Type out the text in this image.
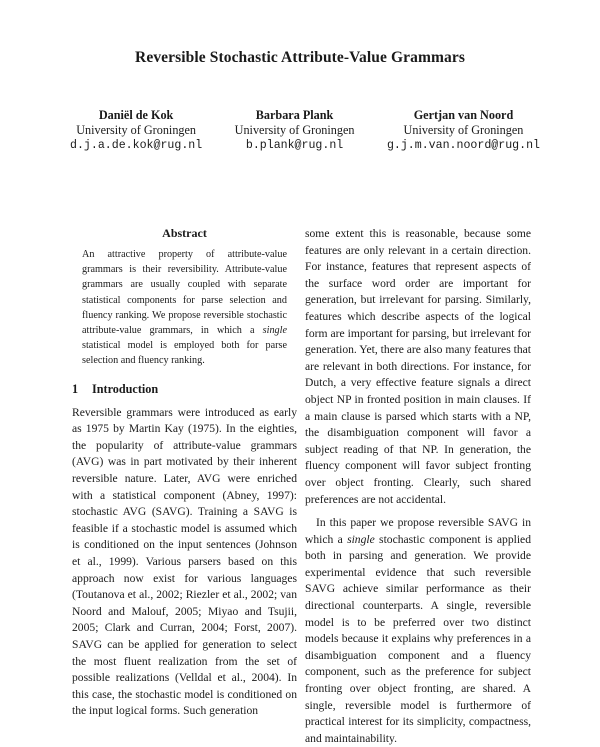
Reversible Stochastic Attribute-Value Grammars
Daniël de Kok
University of Groningen
d.j.a.de.kok@rug.nl
Barbara Plank
University of Groningen
b.plank@rug.nl
Gertjan van Noord
University of Groningen
g.j.m.van.noord@rug.nl
Abstract

An attractive property of attribute-value grammars is their reversibility. Attribute-value grammars are usually coupled with separate statistical components for parse selection and fluency ranking. We propose reversible stochastic attribute-value grammars, in which a single statistical model is employed both for parse selection and fluency ranking.

1 Introduction

Reversible grammars were introduced as early as 1975 by Martin Kay (1975). In the eighties, the popularity of attribute-value grammars (AVG) was in part motivated by their inherent reversible nature. Later, AVG were enriched with a statistical component (Abney, 1997): stochastic AVG (SAVG). Training a SAVG is feasible if a stochastic model is assumed which is conditioned on the input sentences (Johnson et al., 1999). Various parsers based on this approach now exist for various languages (Toutanova et al., 2002; Riezler et al., 2002; van Noord and Malouf, 2005; Miyao and Tsujii, 2005; Clark and Curran, 2004; Forst, 2007). SAVG can be applied for generation to select the most fluent realization from the set of possible realizations (Velldal et al., 2004). In this case, the stochastic model is conditioned on the input logical forms. Such generation

some extent this is reasonable, because some features are only relevant in a certain direction. For instance, features that represent aspects of the surface word order are important for generation, but irrelevant for parsing. Similarly, features which describe aspects of the logical form are important for parsing, but irrelevant for generation. Yet, there are also many features that are relevant in both directions. For instance, for Dutch, a very effective feature signals a direct object NP in fronted position in main clauses. If a main clause is parsed which starts with a NP, the disambiguation component will favor a subject reading of that NP. In generation, the fluency component will favor subject fronting over object fronting. Clearly, such shared preferences are not accidental.

In this paper we propose reversible SAVG in which a single stochastic component is applied both in parsing and generation. We provide experimental evidence that such reversible SAVG achieve similar performance as their directional counterparts. A single, reversible model is to be preferred over two distinct models because it explains why preferences in a disambiguation component and a fluency component, such as the preference for subject fronting over object fronting, are shared. A single, reversible model is furthermore of practical interest for its simplicity, compactness, and maintainability.
